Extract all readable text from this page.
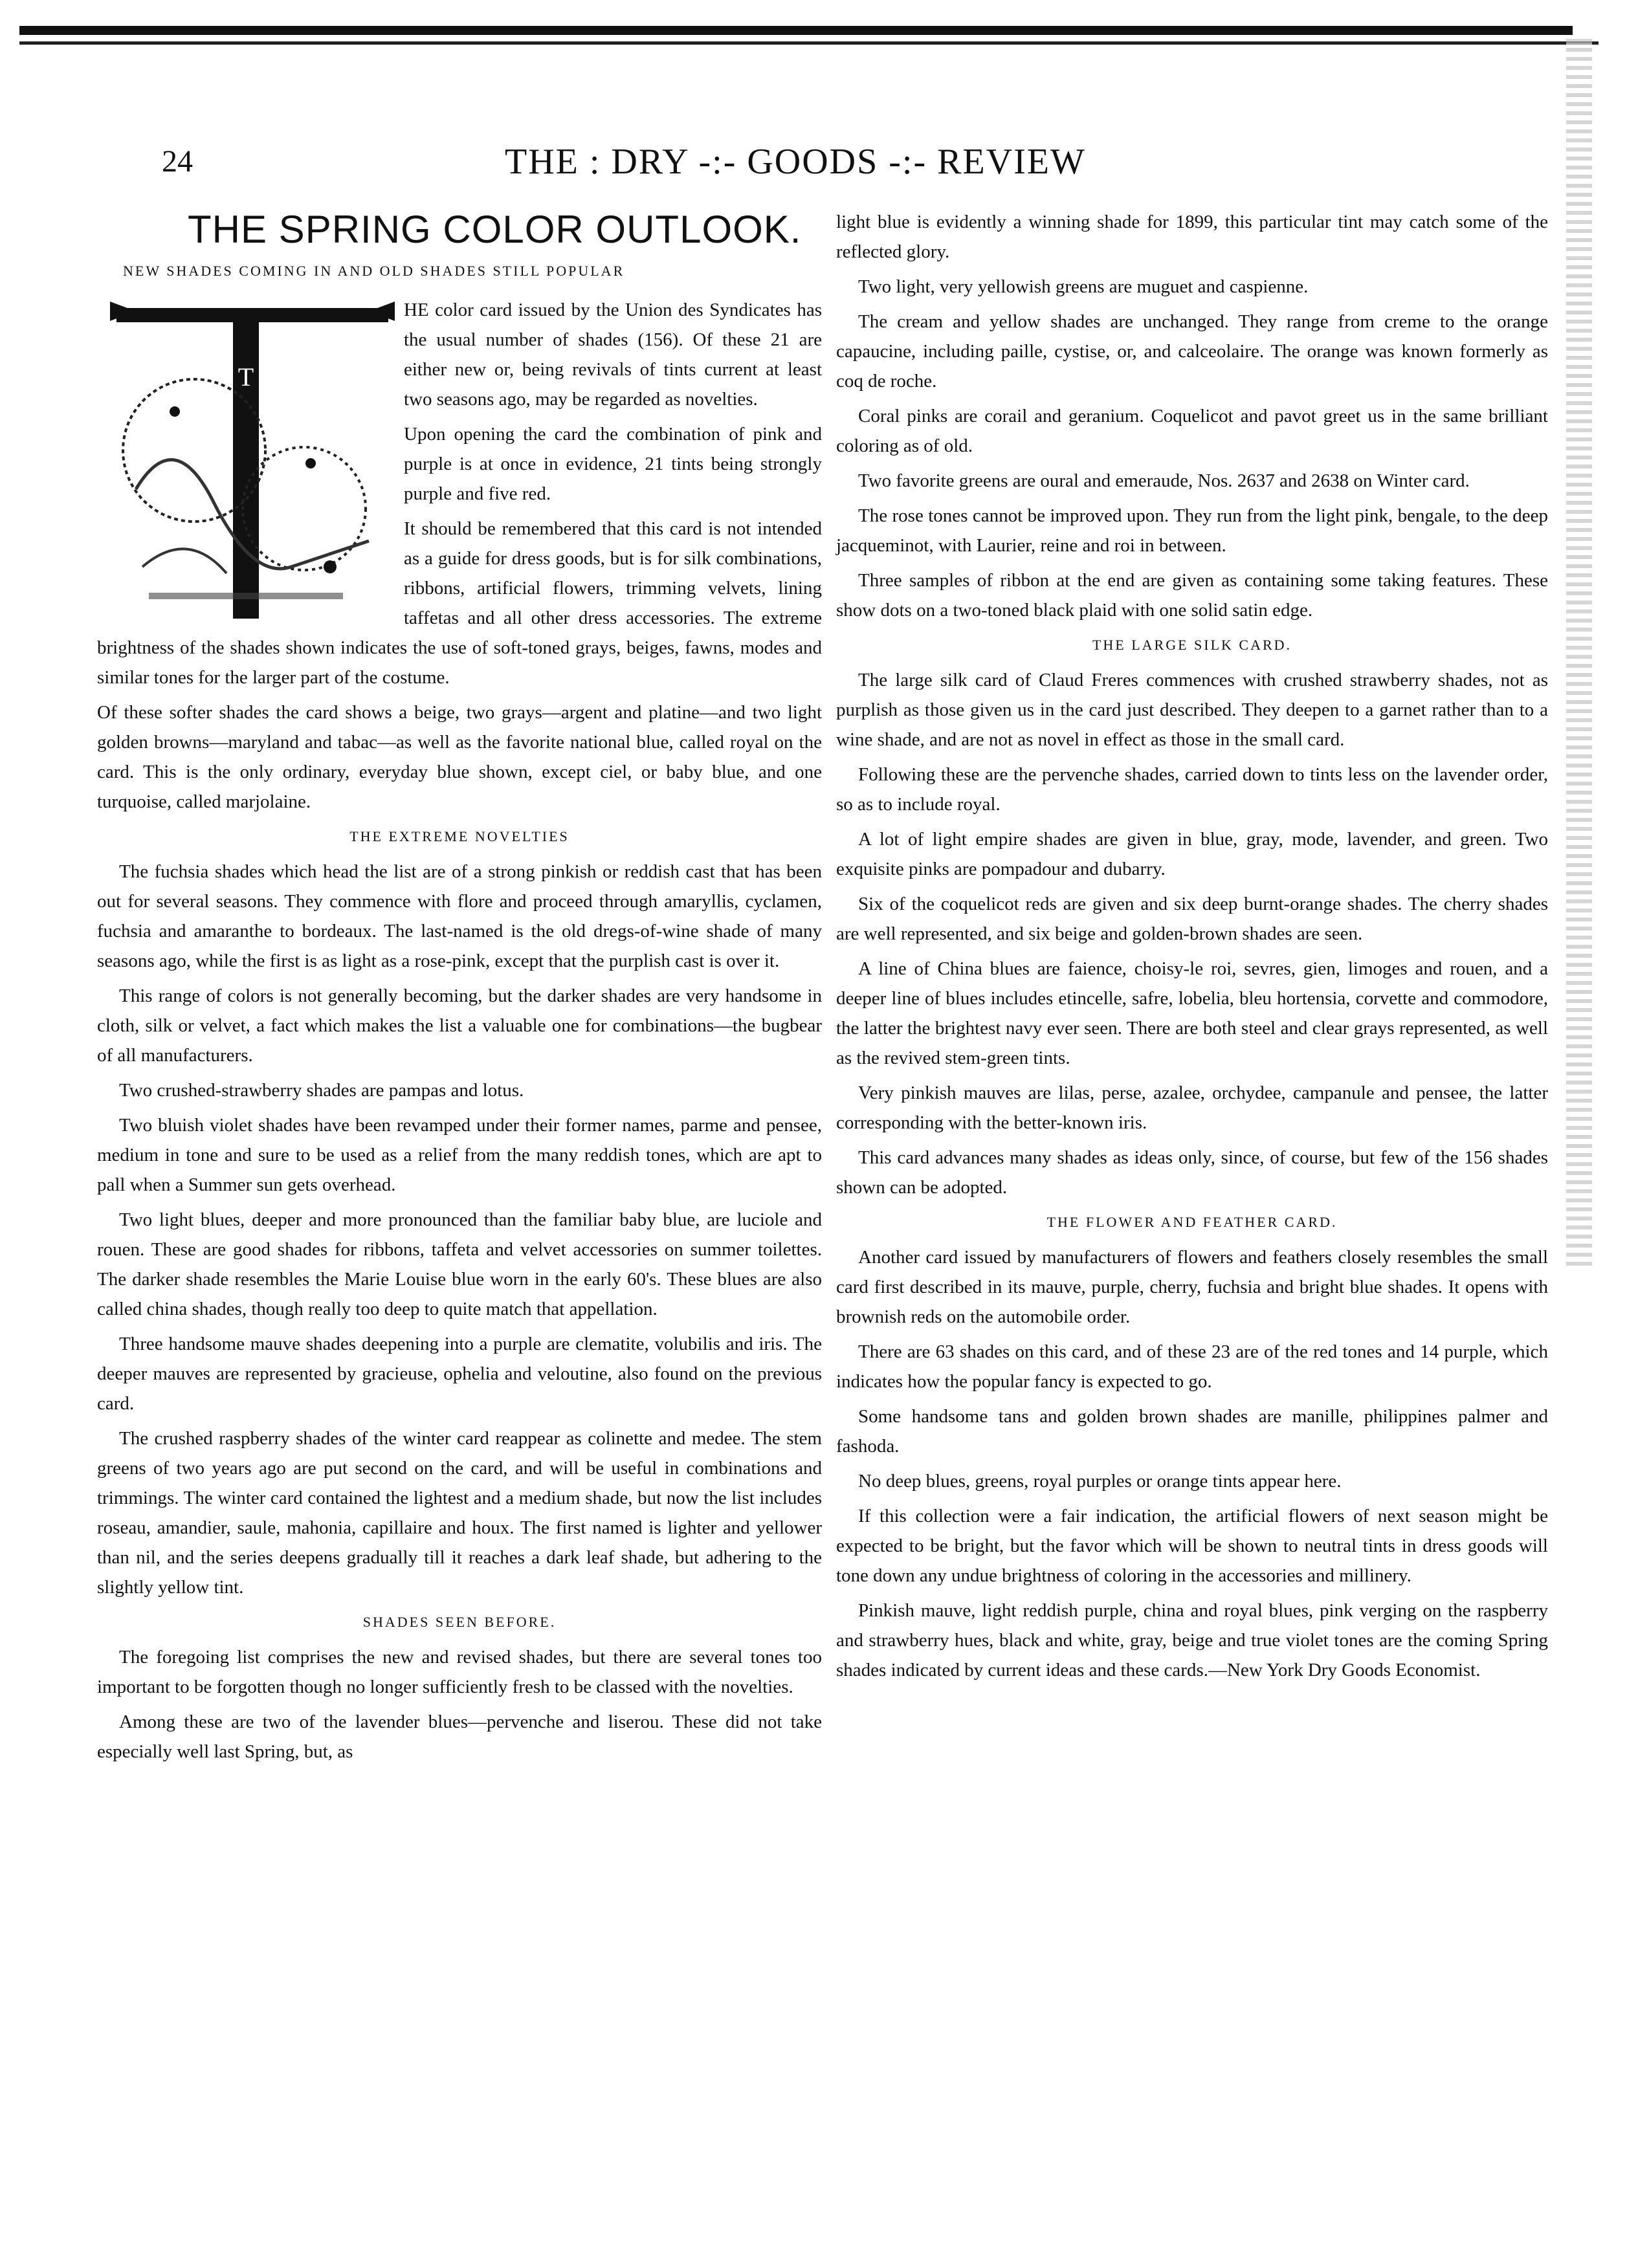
24	THE : DRY -:- GOODS -:- REVIEW
THE SPRING COLOR OUTLOOK.
NEW SHADES COMING IN AND OLD SHADES STILL POPULAR
T

HE color card issued by the Union des Syndicates has the usual number of shades (156). Of these 21 are either new or, being revivals of tints current at least two seasons ago, may be regarded as novelties.

Upon opening the card the combination of pink and purple is at once in evidence, 21 tints being strongly purple and five red.

It should be remembered that this card is not intended as a guide for dress goods, but is for silk combinations, ribbons, artificial flowers, trimming velvets, lining taffetas and all other dress accessories. The extreme brightness of the shades shown indicates the use of soft-toned grays, beiges, fawns, modes and similar tones for the larger part of the costume.

Of these softer shades the card shows a beige, two grays—argent and platine—and two light golden browns—maryland and tabac—as well as the favorite national blue, called royal on the card. This is the only ordinary, everyday blue shown, except ciel, or baby blue, and one turquoise, called marjolaine.

THE EXTREME NOVELTIES

The fuchsia shades which head the list are of a strong pinkish or reddish cast that has been out for several seasons. They commence with flore and proceed through amaryllis, cyclamen, fuchsia and amaranthe to bordeaux. The last-named is the old dregs-of-wine shade of many seasons ago, while the first is as light as a rose-pink, except that the purplish cast is over it.

This range of colors is not generally becoming, but the darker shades are very handsome in cloth, silk or velvet, a fact which makes the list a valuable one for combinations—the bugbear of all manufacturers.

Two crushed-strawberry shades are pampas and lotus.

Two bluish violet shades have been revamped under their former names, parme and pensee, medium in tone and sure to be used as a relief from the many reddish tones, which are apt to pall when a Summer sun gets overhead.

Two light blues, deeper and more pronounced than the familiar baby blue, are luciole and rouen. These are good shades for ribbons, taffeta and velvet accessories on summer toilettes. The darker shade resembles the Marie Louise blue worn in the early 60's. These blues are also called china shades, though really too deep to quite match that appellation.

Three handsome mauve shades deepening into a purple are clematite, volubilis and iris. The deeper mauves are represented by gracieuse, ophelia and veloutine, also found on the previous card.

The crushed raspberry shades of the winter card reappear as colinette and medee. The stem greens of two years ago are put second on the card, and will be useful in combinations and trimmings. The winter card contained the lightest and a medium shade, but now the list includes roseau, amandier, saule, mahonia, capillaire and houx. The first named is lighter and yellower than nil, and the series deepens gradually till it reaches a dark leaf shade, but adhering to the slightly yellow tint.

SHADES SEEN BEFORE.

The foregoing list comprises the new and revised shades, but there are several tones too important to be forgotten though no longer sufficiently fresh to be classed with the novelties.

Among these are two of the lavender blues—pervenche and liserou. These did not take especially well last Spring, but, as

light blue is evidently a winning shade for 1899, this particular tint may catch some of the reflected glory.

Two light, very yellowish greens are muguet and caspienne.

The cream and yellow shades are unchanged. They range from creme to the orange capaucine, including paille, cystise, or, and calceolaire. The orange was known formerly as coq de roche.

Coral pinks are corail and geranium. Coquelicot and pavot greet us in the same brilliant coloring as of old.

Two favorite greens are oural and emeraude, Nos. 2637 and 2638 on Winter card.

The rose tones cannot be improved upon. They run from the light pink, bengale, to the deep jacqueminot, with Laurier, reine and roi in between.

Three samples of ribbon at the end are given as containing some taking features. These show dots on a two-toned black plaid with one solid satin edge.

THE LARGE SILK CARD.

The large silk card of Claud Freres commences with crushed strawberry shades, not as purplish as those given us in the card just described. They deepen to a garnet rather than to a wine shade, and are not as novel in effect as those in the small card.

Following these are the pervenche shades, carried down to tints less on the lavender order, so as to include royal.

A lot of light empire shades are given in blue, gray, mode, lavender, and green. Two exquisite pinks are pompadour and dubarry.

Six of the coquelicot reds are given and six deep burnt-orange shades. The cherry shades are well represented, and six beige and golden-brown shades are seen.

A line of China blues are faience, choisy-le roi, sevres, gien, limoges and rouen, and a deeper line of blues includes etincelle, safre, lobelia, bleu hortensia, corvette and commodore, the latter the brightest navy ever seen. There are both steel and clear grays represented, as well as the revived stem-green tints.

Very pinkish mauves are lilas, perse, azalee, orchydee, campanule and pensee, the latter corresponding with the better-known iris.

This card advances many shades as ideas only, since, of course, but few of the 156 shades shown can be adopted.

THE FLOWER AND FEATHER CARD.

Another card issued by manufacturers of flowers and feathers closely resembles the small card first described in its mauve, purple, cherry, fuchsia and bright blue shades. It opens with brownish reds on the automobile order.

There are 63 shades on this card, and of these 23 are of the red tones and 14 purple, which indicates how the popular fancy is expected to go.

Some handsome tans and golden brown shades are manille, philippines palmer and fashoda.

No deep blues, greens, royal purples or orange tints appear here.

If this collection were a fair indication, the artificial flowers of next season might be expected to be bright, but the favor which will be shown to neutral tints in dress goods will tone down any undue brightness of coloring in the accessories and millinery.

Pinkish mauve, light reddish purple, china and royal blues, pink verging on the raspberry and strawberry hues, black and white, gray, beige and true violet tones are the coming Spring shades indicated by current ideas and these cards.—New York Dry Goods Economist.
